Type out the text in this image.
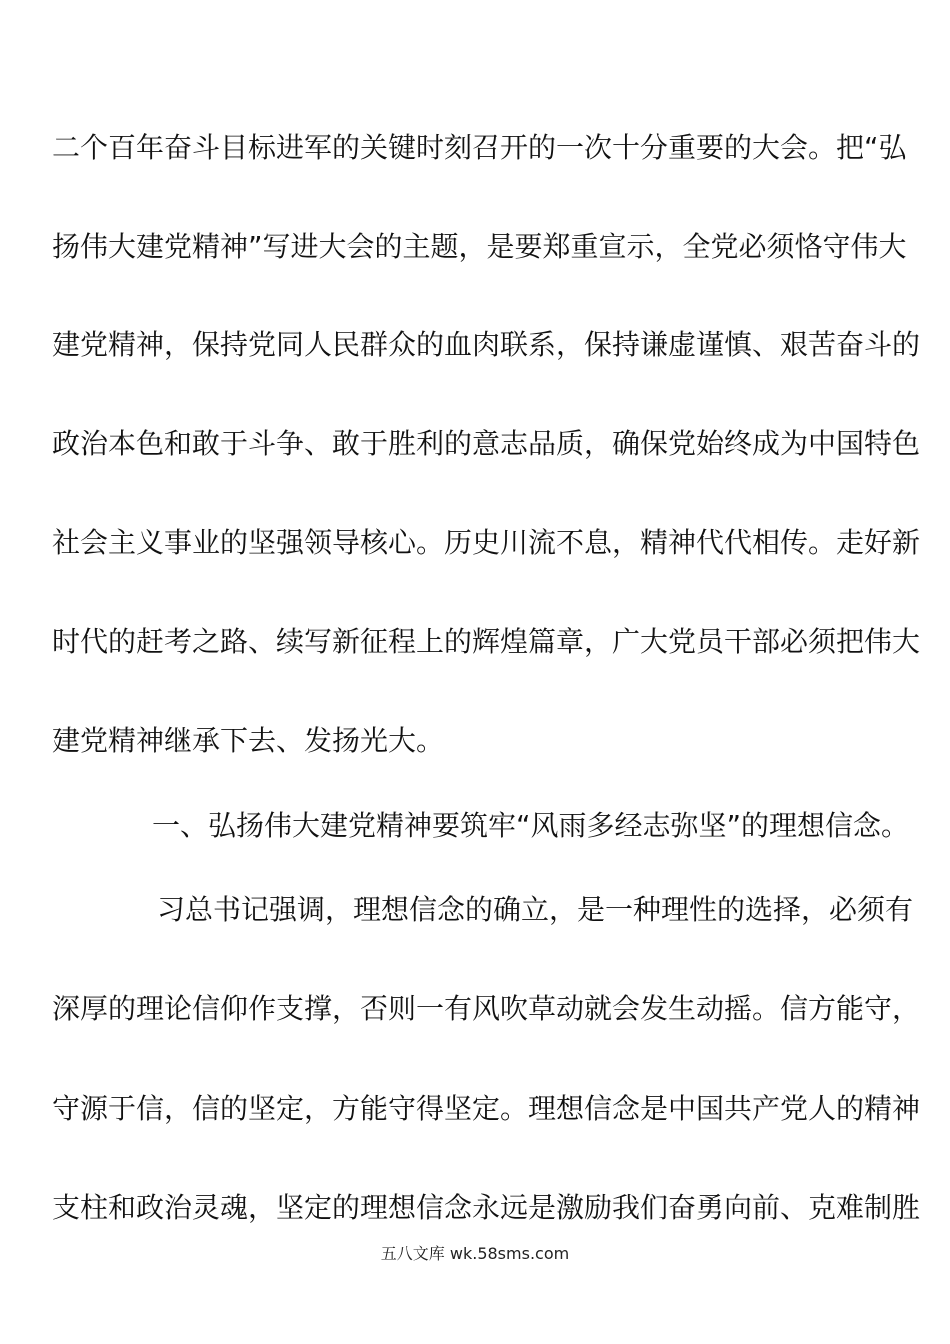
二个百年奋斗目标进军的关键时刻召开的一次十分重要的大会。把“弘
扬伟大建党精神”写进大会的主题，是要郑重宣示，全党必须恪守伟大
建党精神，保持党同人民群众的血肉联系，保持谦虚谨慎、艰苦奋斗的
政治本色和敢于斗争、敢于胜利的意志品质，确保党始终成为中国特色
社会主义事业的坚强领导核心。历史川流不息，精神代代相传。走好新
时代的赶考之路、续写新征程上的辉煌篇章，广大党员干部必须把伟大
建党精神继承下去、发扬光大。
一、弘扬伟大建党精神要筑牢“风雨多经志弥坚”的理想信念。
习总书记强调，理想信念的确立，是一种理性的选择，必须有
深厚的理论信仰作支撑，否则一有风吹草动就会发生动摇。信方能守，
守源于信，信的坚定，方能守得坚定。理想信念是中国共产党人的精神
支柱和政治灵魂，坚定的理想信念永远是激励我们奋勇向前、克难制胜
五八文库 wk.58sms.com
